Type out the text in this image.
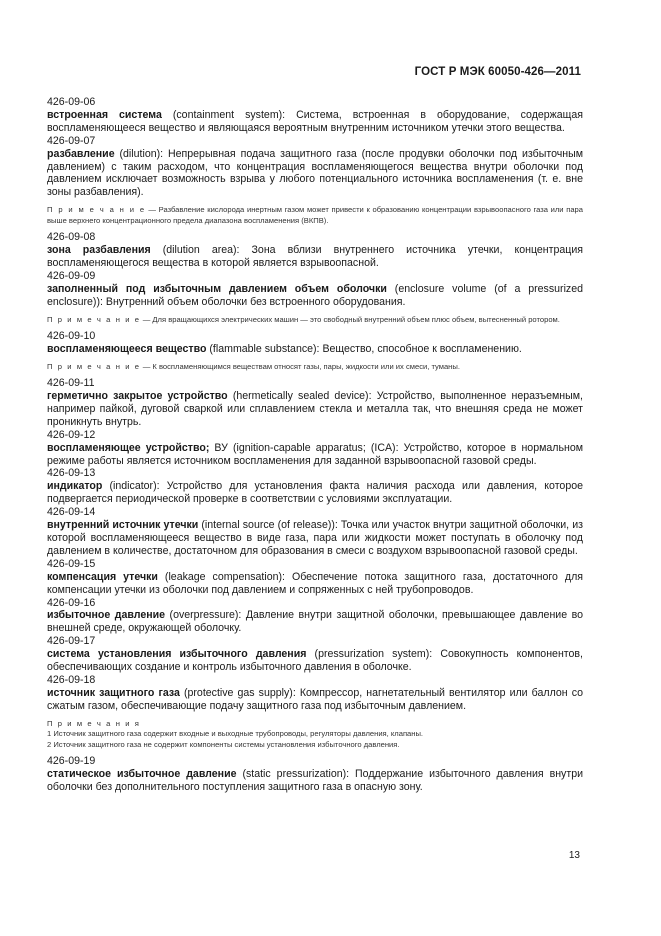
ГОСТ Р МЭК 60050-426—2011
426-09-06
встроенная система (containment system): Система, встроенная в оборудование, содержащая воспламеняющееся вещество и являющаяся вероятным внутренним источником утечки этого вещества.
426-09-07
разбавление (dilution): Непрерывная подача защитного газа (после продувки оболочки под избыточным давлением) с таким расходом, что концентрация воспламеняющегося вещества внутри оболочки под давлением исключает возможность взрыва у любого потенциального источника воспламенения (т. е. вне зоны разбавления).
П р и м е ч а н и е — Разбавление кислорода инертным газом может привести к образованию концентрации взрывоопасного газа или пара выше верхнего концентрационного предела диапазона воспламенения (ВКПВ).
426-09-08
зона разбавления (dilution area): Зона вблизи внутреннего источника утечки, концентрация воспламеняющегося вещества в которой является взрывоопасной.
426-09-09
заполненный под избыточным давлением объем оболочки (enclosure volume (of a pressurized enclosure)): Внутренний объем оболочки без встроенного оборудования.
П р и м е ч а н и е — Для вращающихся электрических машин — это свободный внутренний объем плюс объем, вытесненный ротором.
426-09-10
воспламеняющееся вещество (flammable substance): Вещество, способное к воспламенению.
П р и м е ч а н и е — К воспламеняющимся веществам относят газы, пары, жидкости или их смеси, туманы.
426-09-11
герметично закрытое устройство (hermetically sealed device): Устройство, выполненное неразъемным, например пайкой, дуговой сваркой или сплавлением стекла и металла так, что внешняя среда не может проникнуть внутрь.
426-09-12
воспламеняющее устройство; ВУ (ignition-capable apparatus; (ICA): Устройство, которое в нормальном режиме работы является источником воспламенения для заданной взрывоопасной газовой среды.
426-09-13
индикатор (indicator): Устройство для установления факта наличия расхода или давления, которое подвергается периодической проверке в соответствии с условиями эксплуатации.
426-09-14
внутренний источник утечки (internal source (of release)): Точка или участок внутри защитной оболочки, из которой воспламеняющееся вещество в виде газа, пара или жидкости может поступать в оболочку под давлением в количестве, достаточном для образования в смеси с воздухом взрывоопасной газовой среды.
426-09-15
компенсация утечки (leakage compensation): Обеспечение потока защитного газа, достаточного для компенсации утечки из оболочки под давлением и сопряженных с ней трубопроводов.
426-09-16
избыточное давление (overpressure): Давление внутри защитной оболочки, превышающее давление во внешней среде, окружающей оболочку.
426-09-17
система установления избыточного давления (pressurization system): Совокупность компонентов, обеспечивающих создание и контроль избыточного давления в оболочке.
426-09-18
источник защитного газа (protective gas supply): Компрессор, нагнетательный вентилятор или баллон со сжатым газом, обеспечивающие подачу защитного газа под избыточным давлением.
П р и м е ч а н и я
1 Источник защитного газа содержит входные и выходные трубопроводы, регуляторы давления, клапаны.
2 Источник защитного газа не содержит компоненты системы установления избыточного давления.
426-09-19
статическое избыточное давление (static pressurization): Поддержание избыточного давления внутри оболочки без дополнительного поступления защитного газа в опасную зону.
13
